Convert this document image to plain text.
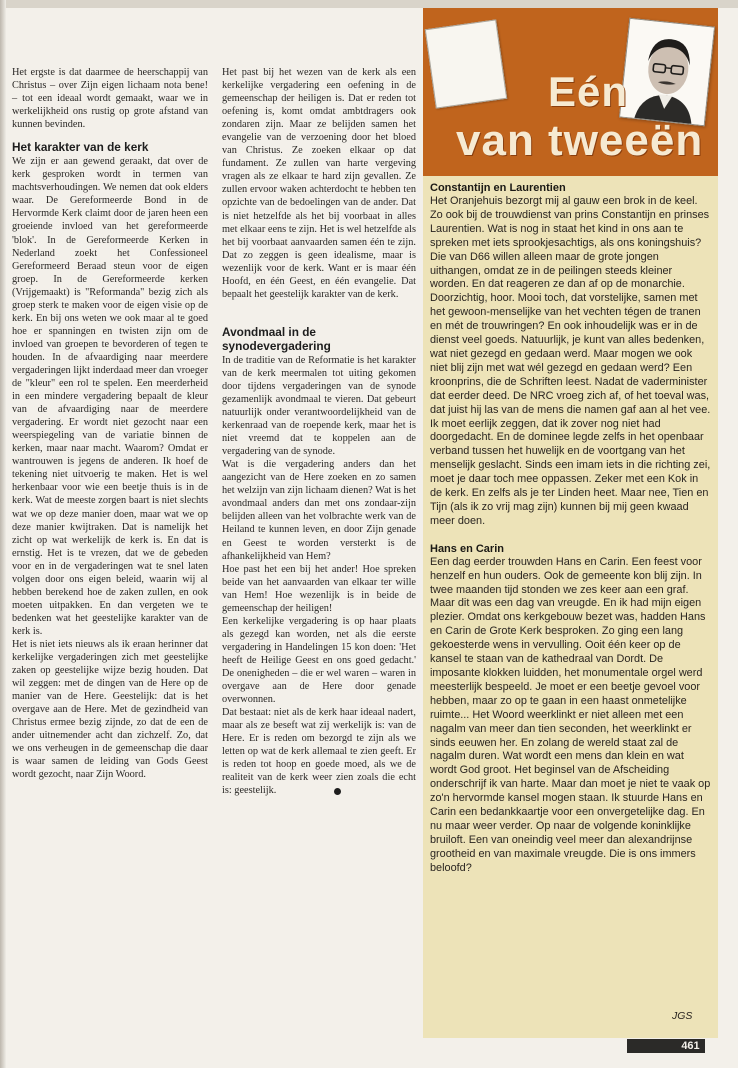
Het ergste is dat daarmee de heerschappij van Christus – over Zijn eigen lichaam nota bene! – tot een ideaal wordt gemaakt, waar we in werkelijkheid ons rustig op grote afstand van kunnen bevinden.

Het karakter van de kerk

We zijn er aan gewend geraakt, dat over de kerk gesproken wordt in termen van machtsverhoudingen. We nemen dat ook elders waar. De Gereformeerde Bond in de Hervormde Kerk claimt door de jaren heen een groeiende invloed van het gereformeerde 'blok'. In de Gereformeerde Kerken in Nederland zoekt het Confessioneel Gereformeerd Beraad steun voor de eigen groep. In de Gereformeerde kerken (Vrijgemaakt) is "Reformanda" bezig zich als groep sterk te maken voor de eigen visie op de kerk. En bij ons weten we ook maar al te goed hoe er spanningen en twisten zijn om de invloed van groepen te bevorderen of tegen te houden. In de afvaardiging naar meerdere vergaderingen lijkt inderdaad meer dan vroeger de "kleur" een rol te spelen. Een meerderheid in een mindere vergadering bepaalt de kleur van de afvaardiging naar de meerdere vergadering. Er wordt niet gezocht naar een weerspiegeling van de variatie binnen de kerken, maar naar macht. Waarom? Omdat er wantrouwen is jegens de anderen. Ik hoef de tekening niet uitvoerig te maken. Het is wel herkenbaar voor wie een beetje thuis is in de kerk. Wat de meeste zorgen baart is niet slechts wat we op deze manier doen, maar wat we op deze manier kwijtraken. Dat is namelijk het zicht op wat werkelijk de kerk is. En dat is ernstig. Het is te vrezen, dat we de gebeden voor en in de vergaderingen wat te snel laten volgen door ons eigen beleid, waarin wij al hebben berekend hoe de zaken zullen, en ook moeten uitpakken. En dan vergeten we te bedenken wat het geestelijke karakter van de kerk is.

Het is niet iets nieuws als ik eraan herinner dat kerkelijke vergaderingen zich met geestelijke zaken op geestelijke wijze bezig houden. Dat wil zeggen: met de dingen van de Here op de manier van de Here. Geestelijk: dat is het overgave aan de Here. Met de gezindheid van Christus ermee bezig zijnde, zo dat de een de ander uitnemender acht dan zichzelf. Zo, dat we ons verheugen in de gemeenschap die daar is waar samen de leiding van Gods Geest wordt gezocht, naar Zijn Woord.

Het past bij het wezen van de kerk als een kerkelijke vergadering een oefening in de gemeenschap der heiligen is. Dat er reden tot oefening is, komt omdat ambtdragers ook zondaren zijn. Maar ze belijden samen het evangelie van de verzoening door het bloed van Christus. Ze zoeken elkaar op dat fundament. Ze zullen van harte vergeving vragen als ze elkaar te hard zijn gevallen. Ze zullen ervoor waken achterdocht te hebben ten opzichte van de bedoelingen van de ander. Dat is niet hetzelfde als het bij voorbaat in alles met elkaar eens te zijn. Het is wel hetzelfde als het bij voorbaat aanvaarden samen één te zijn. Dat zo zeggen is geen idealisme, maar is wezenlijk voor de kerk. Want er is maar één Hoofd, en één Geest, en één evangelie. Dat bepaalt het geestelijk karakter van de kerk.

Avondmaal in de synodevergadering

In de traditie van de Reformatie is het karakter van de kerk meermalen tot uiting gekomen door tijdens vergaderingen van de synode gezamenlijk avondmaal te vieren. Dat gebeurt natuurlijk onder verantwoordelijkheid van de kerkenraad van de roepende kerk, maar het is niet vreemd dat te koppelen aan de vergadering van de synode.

Wat is die vergadering anders dan het aangezicht van de Here zoeken en zo samen het welzijn van zijn lichaam dienen? Wat is het avondmaal anders dan met ons zondaar-zijn belijden alleen van het volbrachte werk van de Heiland te kunnen leven, en door Zijn genade en Geest te worden versterkt is de afhankelijkheid van Hem?

Hoe past het een bij het ander! Hoe spreken beide van het aanvaarden van elkaar ter wille van Hem! Hoe wezenlijk is in beide de gemeenschap der heiligen!

Een kerkelijke vergadering is op haar plaats als gezegd kan worden, net als die eerste vergadering in Handelingen 15 kon doen: 'Het heeft de Heilige Geest en ons goed gedacht.' De onenigheden – die er wel waren – waren in overgave aan de Here door genade overwonnen.

Dat bestaat: niet als de kerk haar ideaal nadert, maar als ze beseft wat zij werkelijk is: van de Here. Er is reden om bezorgd te zijn als we letten op wat de kerk allemaal te zien geeft. Er is reden tot hoop en goede moed, als we de realiteit van de kerk weer zien zoals die echt is: geestelijk.

Eén
van tweeën
Constantijn en Laurentien

Het Oranjehuis bezorgt mij al gauw een brok in de keel. Zo ook bij de trouwdienst van prins Constantijn en prinses Laurentien. Wat is nog in staat het kind in ons aan te spreken met iets sprookjesachtigs, als ons koningshuis? Die van D66 willen alleen maar de grote jongen uithangen, omdat ze in de peilingen steeds kleiner worden. En dat reageren ze dan af op de monarchie. Doorzichtig, hoor. Mooi toch, dat vorstelijke, samen met het gewoon-menselijke van het vechten tégen de tranen en mét de trouwringen? En ook inhoudelijk was er in de dienst veel goeds. Natuurlijk, je kunt van alles bedenken, wat niet gezegd en gedaan werd. Maar mogen we ook niet blij zijn met wat wél gezegd en gedaan werd? Een kroonprins, die de Schriften leest. Nadat de vaderminister dat eerder deed. De NRC vroeg zich af, of het toeval was, dat juist hij las van de mens die namen gaf aan al het vee. Ik moet eerlijk zeggen, dat ik zover nog niet had doorgedacht. En de dominee legde zelfs in het openbaar verband tussen het huwelijk en de voortgang van het menselijk geslacht. Sinds een imam iets in die richting zei, moet je daar toch mee oppassen. Zeker met een Kok in de kerk. En zelfs als je ter Linden heet. Maar nee, Tien en Tijn (als ik zo vrij mag zijn) kunnen bij mij geen kwaad meer doen.

Hans en Carin

Een dag eerder trouwden Hans en Carin. Een feest voor henzelf en hun ouders. Ook de gemeente kon blij zijn. In twee maanden tijd stonden we zes keer aan een graf. Maar dit was een dag van vreugde. En ik had mijn eigen plezier. Omdat ons kerkgebouw bezet was, hadden Hans en Carin de Grote Kerk besproken. Zo ging een lang gekoesterde wens in vervulling. Ooit één keer op de kansel te staan van de kathedraal van Dordt. De imposante klokken luidden, het monumentale orgel werd meesterlijk bespeeld. Je moet er een beetje gevoel voor hebben, maar zo op te gaan in een haast onmetelijke ruimte... Het Woord weerklinkt er niet alleen met een nagalm van meer dan tien seconden, het weerklinkt er sinds eeuwen her. En zolang de wereld staat zal de nagalm duren. Wat wordt een mens dan klein en wat wordt God groot. Het beginsel van de Afscheiding onderschrijf ik van harte. Maar dan moet je niet te vaak op zo'n hervormde kansel mogen staan. Ik stuurde Hans en Carin een bedankkaartje voor een onvergetelijke dag. En nu maar weer verder. Op naar de volgende koninklijke bruiloft. Een van oneindig veel meer dan alexandrijnse grootheid en van maximale vreugde. Die is ons immers beloofd?

JGS
461
